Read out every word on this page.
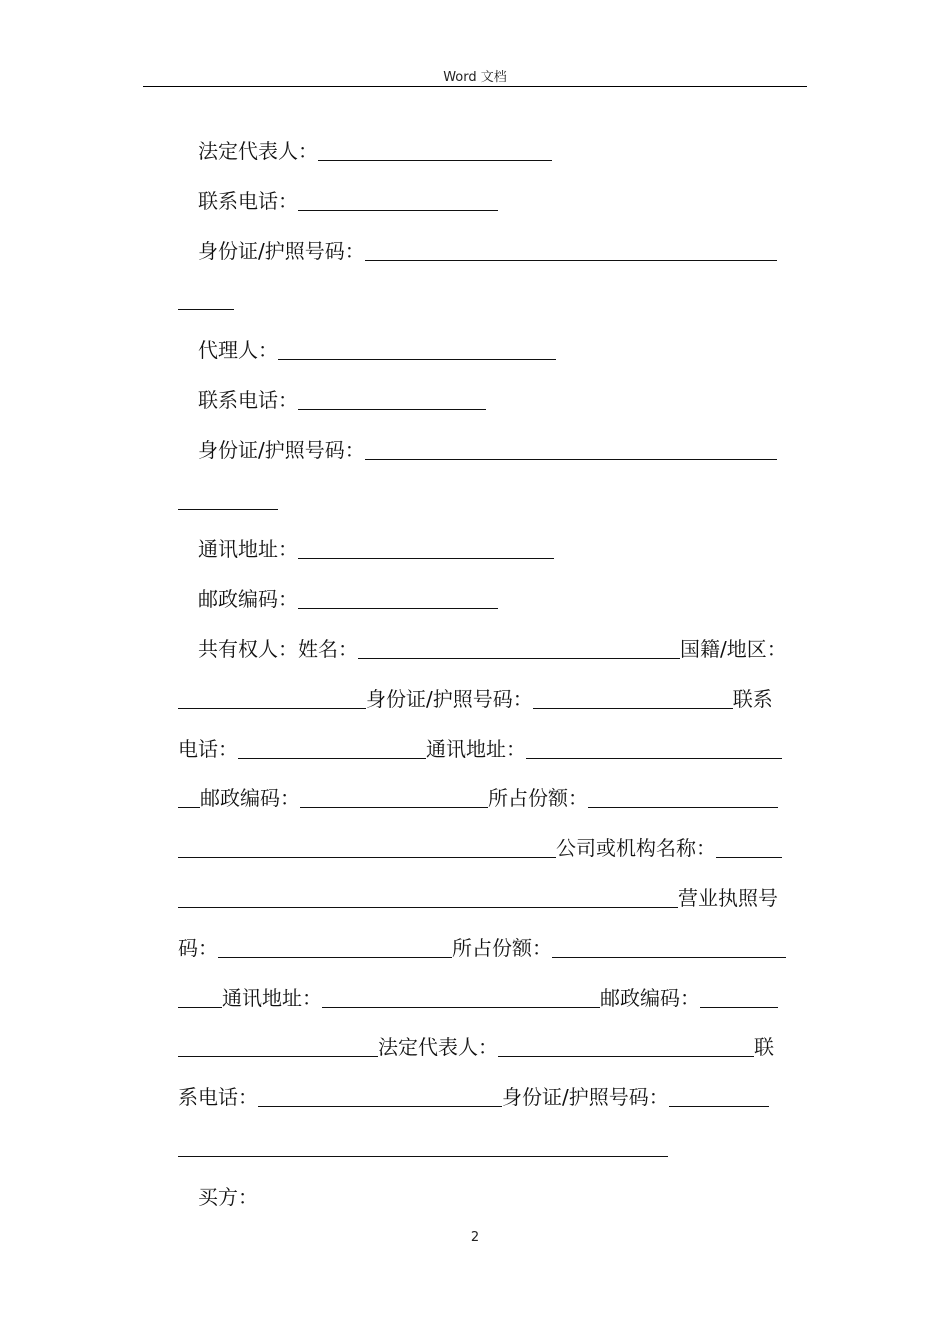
Word 文档
法定代表人：
联系电话：
身份证/护照号码：
代理人：
联系电话：
身份证/护照号码：
通讯地址：
邮政编码：
共有权人：姓名：	国籍/地区：
身份证/护照号码：	联系
电话：	通讯地址：
邮政编码：	所占份额：
公司或机构名称：
营业执照号
码：	所占份额：
通讯地址：	邮政编码：
法定代表人：	联
系电话：	身份证/护照号码：
买方：
2
